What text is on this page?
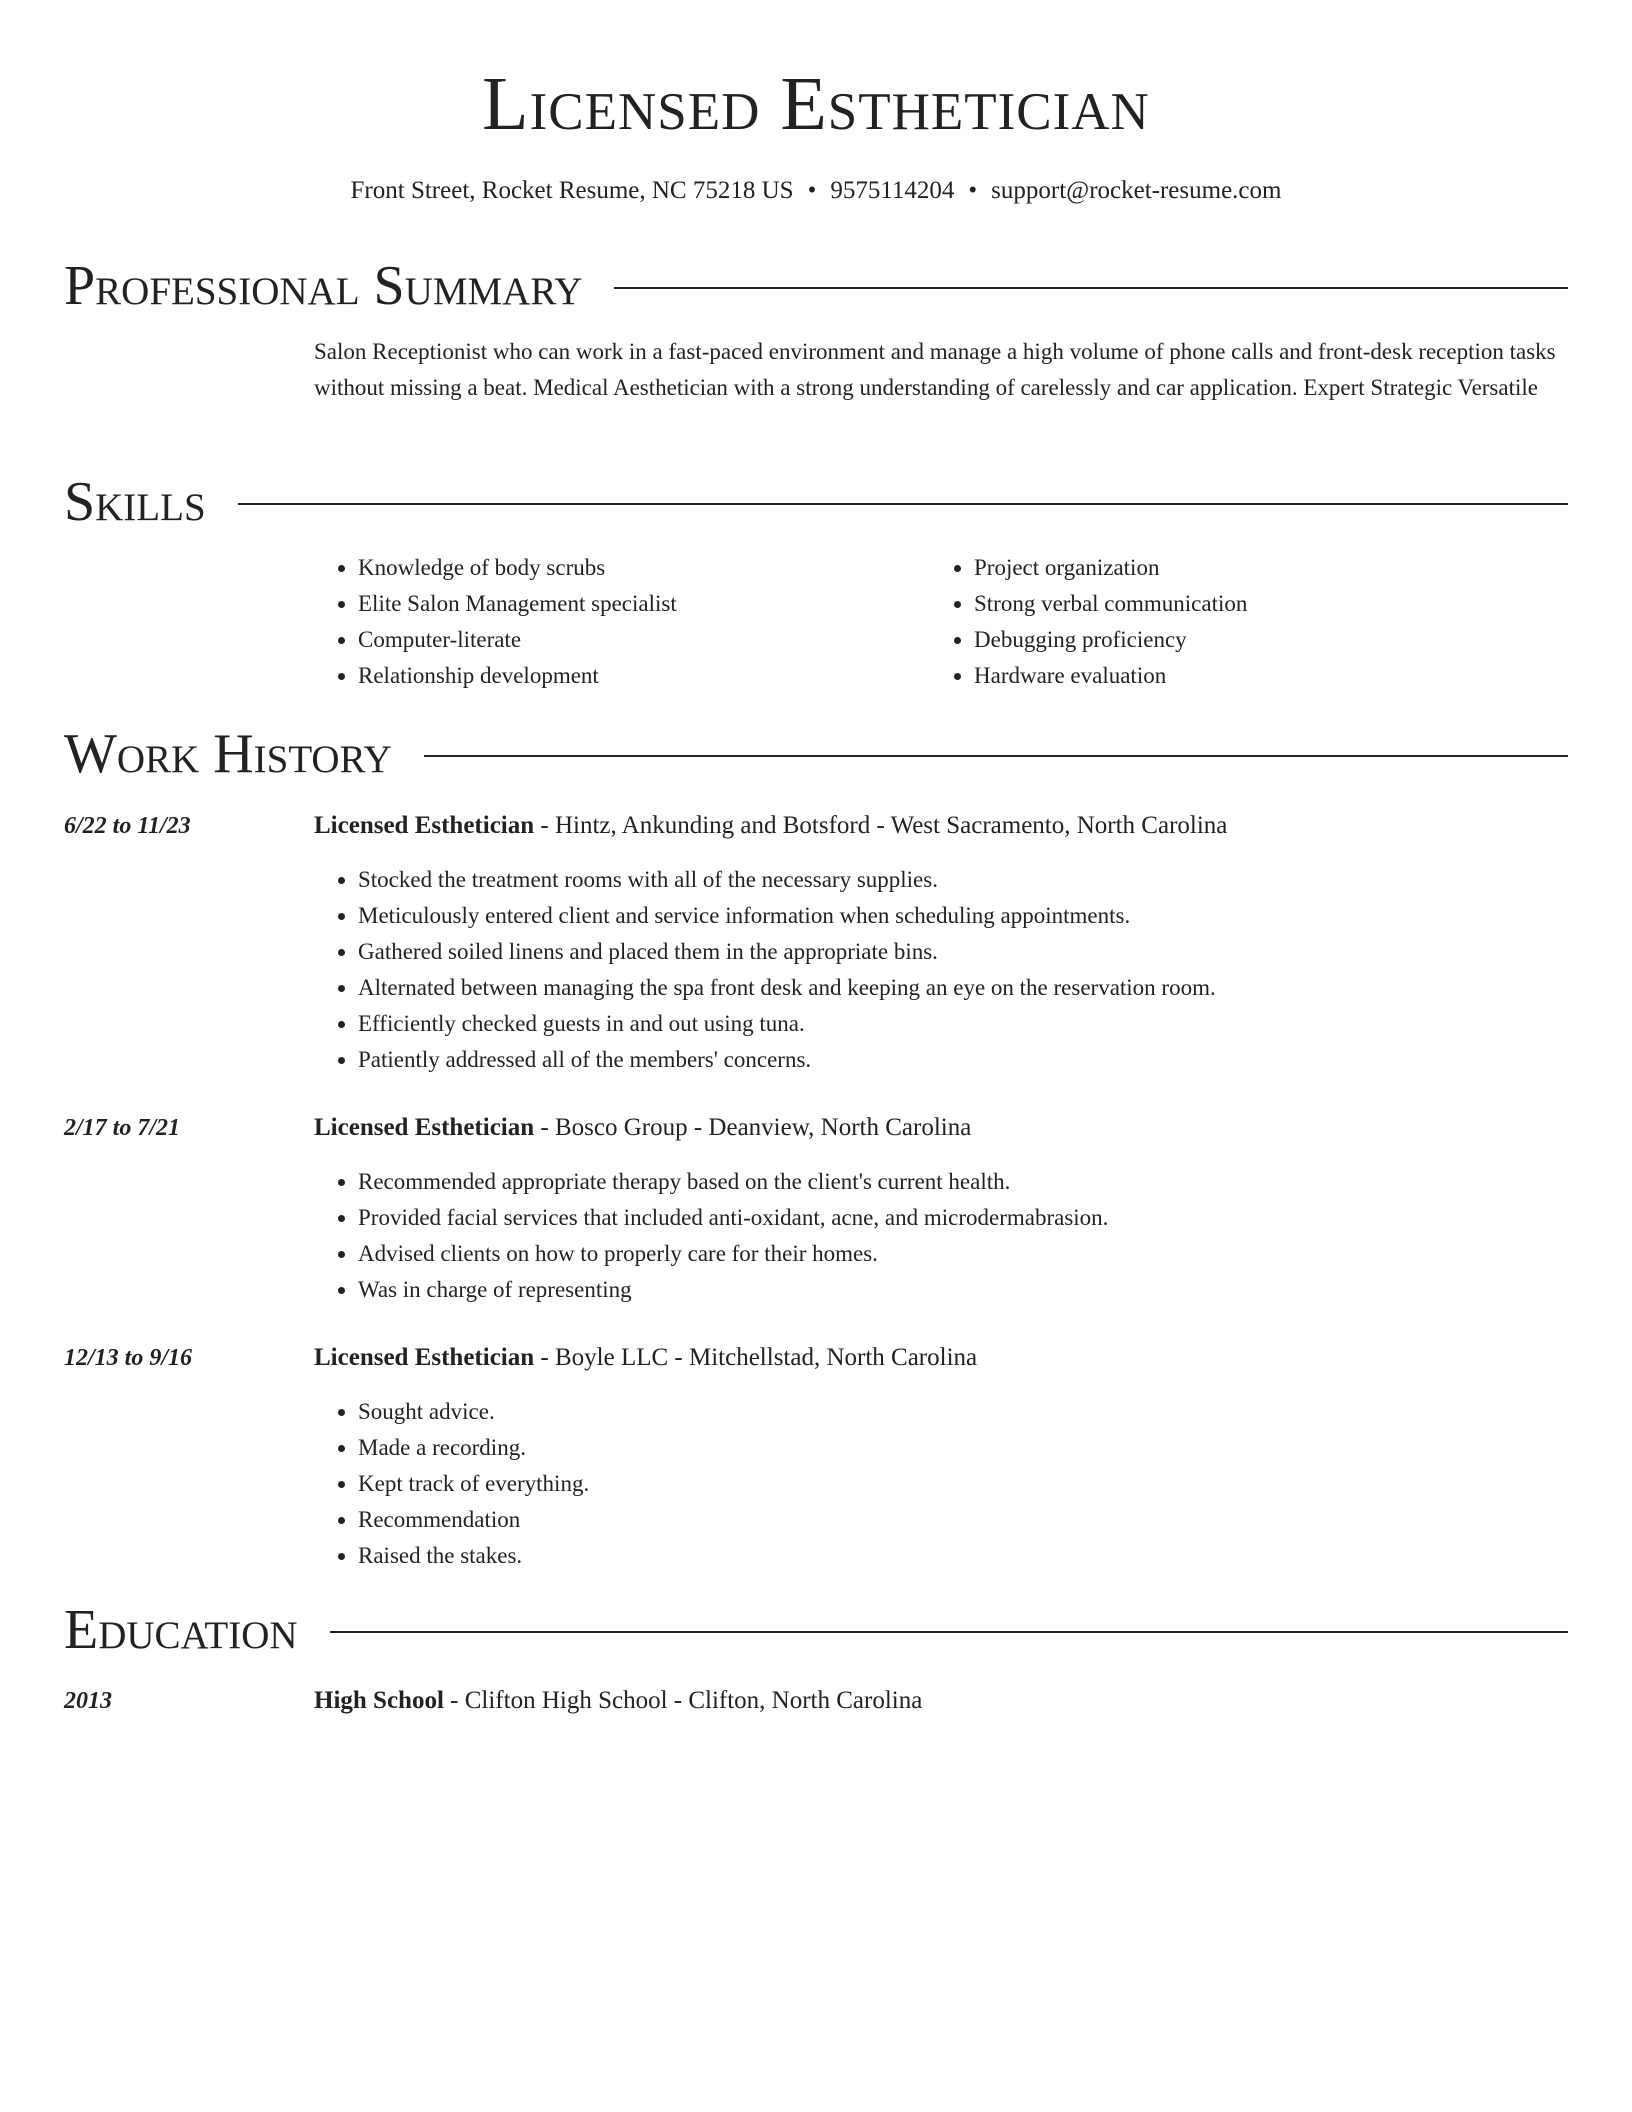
Licensed Esthetician
Front Street, Rocket Resume, NC 75218 US • 9575114204 • support@rocket-resume.com
Professional Summary

Salon Receptionist who can work in a fast-paced environment and manage a high volume of phone calls and front-desk reception tasks without missing a beat. Medical Aesthetician with a strong understanding of carelessly and car application. Expert Strategic Versatile

Skills
• Knowledge of body scrubs
• Elite Salon Management specialist
• Computer-literate
• Relationship development
• Project organization
• Strong verbal communication
• Debugging proficiency
• Hardware evaluation
Work History
6/22 to 11/23	Licensed Esthetician - Hintz, Ankunding and Botsford - West Sacramento, North Carolina
• Stocked the treatment rooms with all of the necessary supplies.
• Meticulously entered client and service information when scheduling appointments.
• Gathered soiled linens and placed them in the appropriate bins.
• Alternated between managing the spa front desk and keeping an eye on the reservation room.
• Efficiently checked guests in and out using tuna.
• Patiently addressed all of the members' concerns.
2/17 to 7/21	Licensed Esthetician - Bosco Group - Deanview, North Carolina
• Recommended appropriate therapy based on the client's current health.
• Provided facial services that included anti-oxidant, acne, and microdermabrasion.
• Advised clients on how to properly care for their homes.
• Was in charge of representing
12/13 to 9/16	Licensed Esthetician - Boyle LLC - Mitchellstad, North Carolina
• Sought advice.
• Made a recording.
• Kept track of everything.
• Recommendation
• Raised the stakes.
Education
2013	High School - Clifton High School - Clifton, North Carolina
